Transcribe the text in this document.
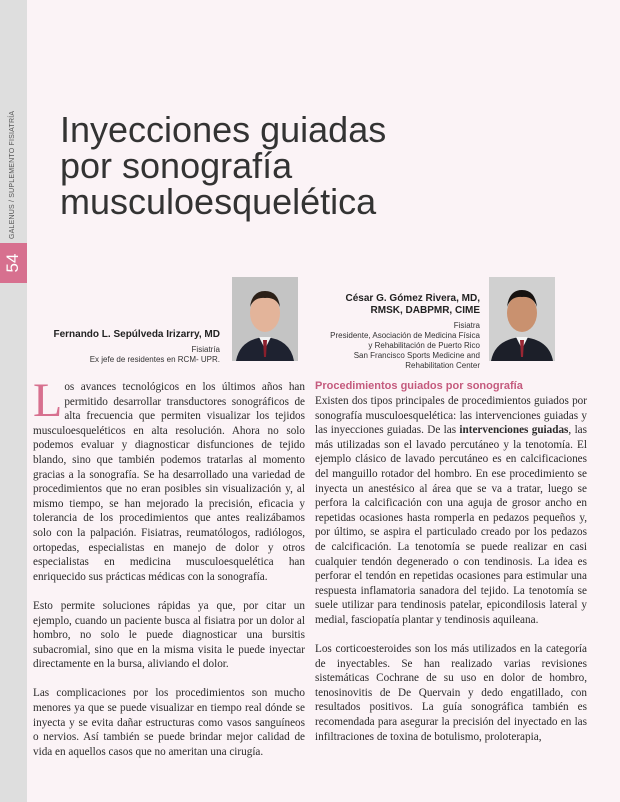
54
GALENUS / SUPLEMENTO FISIATRÍA Inyecciones guiadas
por sonografía
musculoesquelética
Fernando L. Sepúlveda Irizarry, MD
Fisiatría
Ex jefe de residentes en RCM- UPR.
César G. Gómez Rivera, MD,
RMSK, DABPMR, CIME
Fisiatra
Presidente, Asociación de Medicina Física
y Rehabilitación de Puerto Rico
San Francisco Sports Medicine and
Rehabilitation Center

Los avances tecnológicos en los últimos años han permitido desarrollar transductores sonográficos de alta frecuencia que permiten visualizar los tejidos musculoesqueléticos en alta resolución. Ahora no solo podemos evaluar y diagnosticar disfunciones de tejido blando, sino que también podemos tratarlas al momento gracias a la sonografía. Se ha desarrollado una variedad de procedimientos que no eran posibles sin visualización y, al mismo tiempo, se han mejorado la precisión, eficacia y tolerancia de los procedimientos que antes realizábamos solo con la palpación. Fisiatras, reumatólogos, radiólogos, ortopedas, especialistas en manejo de dolor y otros especialistas en medicina musculoesquelética han enriquecido sus prácticas médicas con la sonografía.

Esto permite soluciones rápidas ya que, por citar un ejemplo, cuando un paciente busca al fisiatra por un dolor al hombro, no solo le puede diagnosticar una bursitis subacromial, sino que en la misma visita le puede inyectar directamente en la bursa, aliviando el dolor.

Las complicaciones por los procedimientos son mucho menores ya que se puede visualizar en tiempo real dónde se inyecta y se evita dañar estructuras como vasos sanguíneos o nervios. Así también se puede brindar mejor calidad de vida en aquellos casos que no ameritan una cirugía.

Procedimientos guiados por sonografía

Existen dos tipos principales de procedimientos guiados por sonografía musculoesquelética: las intervenciones guiadas y las inyecciones guiadas. De las intervenciones guiadas, las más utilizadas son el lavado percutáneo y la tenotomía. El ejemplo clásico de lavado percutáneo es en calcificaciones del manguillo rotador del hombro. En ese procedimiento se inyecta un anestésico al área que se va a tratar, luego se perfora la calcificación con una aguja de grosor ancho en repetidas ocasiones hasta romperla en pedazos pequeños y, por último, se aspira el particulado creado por los pedazos de calcificación. La tenotomía se puede realizar en casi cualquier tendón degenerado o con tendinosis. La idea es perforar el tendón en repetidas ocasiones para estimular una respuesta inflamatoria sanadora del tejido. La tenotomía se suele utilizar para tendinosis patelar, epicondilosis lateral y medial, fasciopatía plantar y tendinosis aquileana.

Los corticoesteroides son los más utilizados en la categoría de inyectables. Se han realizado varias revisiones sistemáticas Cochrane de su uso en dolor de hombro, tenosinovitis de De Quervain y dedo engatillado, con resultados positivos. La guía sonográfica también es recomendada para asegurar la precisión del inyectado en las infiltraciones de toxina de botulismo, proloterapia,
